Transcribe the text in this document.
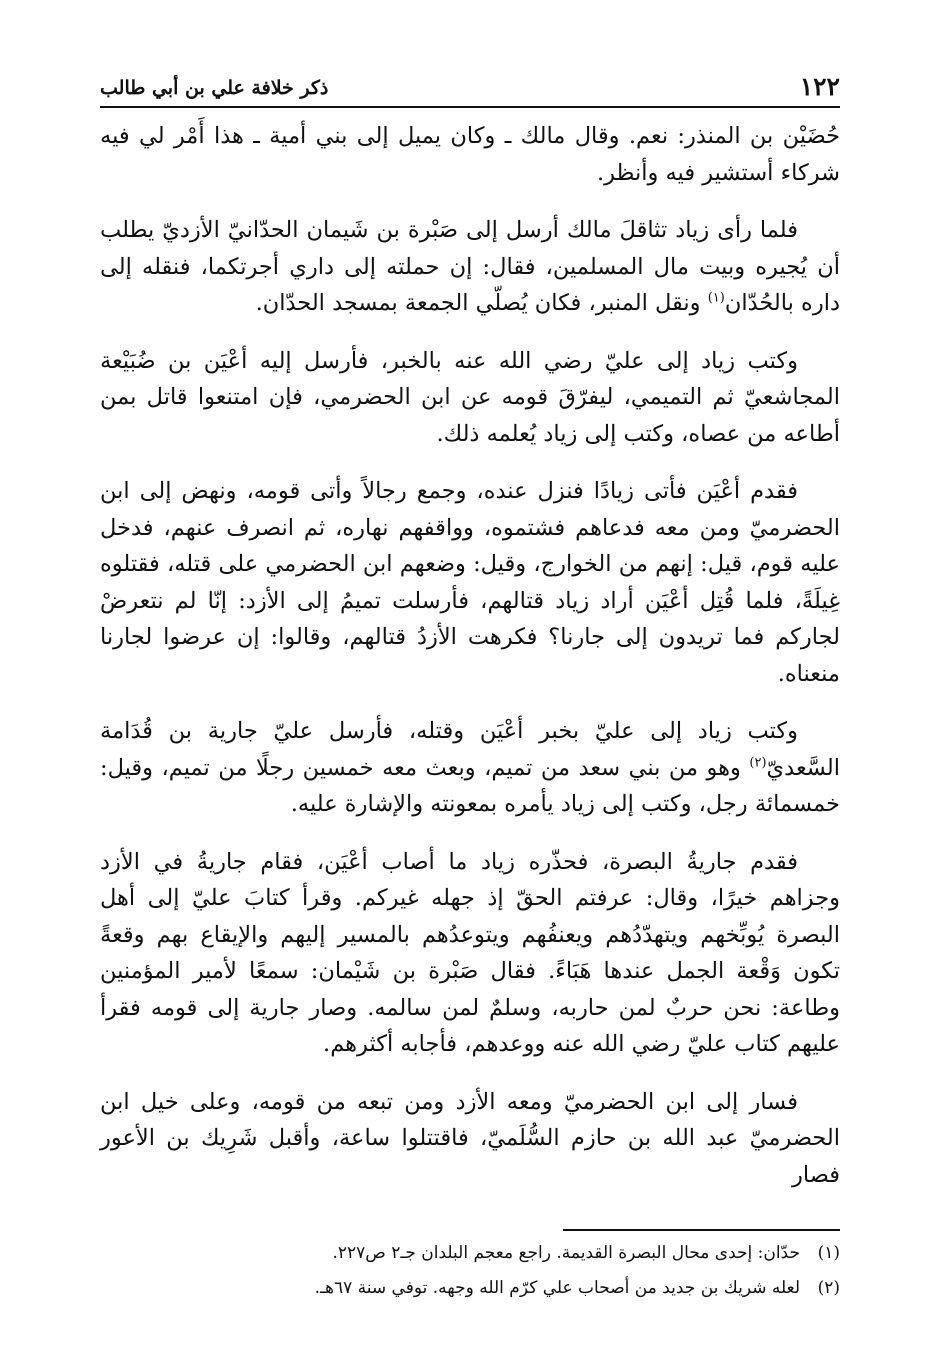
١٢٢
ذكر خلافة علي بن أبي طالب

حُضَيْن بن المنذر: نعم. وقال مالك ـ وكان يميل إلى بني أمية ـ هذا أَمْر لي فيه شركاء أستشير فيه وأنظر.

فلما رأى زياد تثاقلَ مالك أرسل إلى صَبْرة بن شَيمان الحدّانيّ الأزديّ يطلب أن يُجيره وبيت مال المسلمين، فقال: إن حملته إلى داري أجرتكما، فنقله إلى داره بالحُدّان$^{(١)}$ ونقل المنبر، فكان يُصلّي الجمعة بمسجد الحدّان.

وكتب زياد إلى عليّ رضي الله عنه بالخبر، فأرسل إليه أعْيَن بن ضُبَيْعة المجاشعيّ ثم التميمي، ليفرّقَ قومه عن ابن الحضرمي، فإن امتنعوا قاتل بمن أطاعه من عصاه، وكتب إلى زياد يُعلمه ذلك.

فقدم أعْيَن فأتى زيادًا فنزل عنده، وجمع رجالاً وأتى قومه، ونهض إلى ابن الحضرميّ ومن معه فدعاهم فشتموه، وواقفهم نهاره، ثم انصرف عنهم، فدخل عليه قوم، قيل: إنهم من الخوارج، وقيل: وضعهم ابن الحضرمي على قتله، فقتلوه غِيلَةً، فلما قُتِل أعْيَن أراد زياد قتالهم، فأرسلت تميمُ إلى الأزد: إنّا لم نتعرضْ لجاركم فما تريدون إلى جارنا؟ فكرهت الأزدُ قتالهم، وقالوا: إن عرضوا لجارنا منعناه.

وكتب زياد إلى عليّ بخبر أعْيَن وقتله، فأرسل عليّ جارية بن قُدَامة السَّعديّ$^{(٢)}$ وهو من بني سعد من تميم، وبعث معه خمسين رجلًا من تميم، وقيل: خمسمائة رجل، وكتب إلى زياد يأمره بمعونته والإشارة عليه.

فقدم جاريةُ البصرة، فحذّره زياد ما أصاب أعْيَن، فقام جاريةُ في الأزد وجزاهم خيرًا، وقال: عرفتم الحقّ إذ جهله غيركم. وقرأ كتابَ عليّ إلى أهل البصرة يُوبِّخهم ويتهدّدُهم ويعنفُهم ويتوعدُهم بالمسير إليهم والإيقاع بهم وقعةً تكون وَقْعة الجمل عندها هَبَاءً. فقال صَبْرة بن شَيْمان: سمعًا لأمير المؤمنين وطاعة: نحن حربٌ لمن حاربه، وسلمٌ لمن سالمه. وصار جارية إلى قومه فقرأ عليهم كتاب عليّ رضي الله عنه ووعدهم، فأجابه أكثرهم.

فسار إلى ابن الحضرميّ ومعه الأزد ومن تبعه من قومه، وعلى خيل ابن الحضرميّ عبد الله بن حازم السُّلَميّ، فاقتتلوا ساعة، وأقبل شَرِيك بن الأعور فصار

(١)
حدّان: إحدى محال البصرة القديمة. راجع معجم البلدان جـ٢ ص٢٢٧.
(٢)
لعله شريك بن جديد من أصحاب علي كرّم الله وجهه. توفي سنة ٦٧هـ.
